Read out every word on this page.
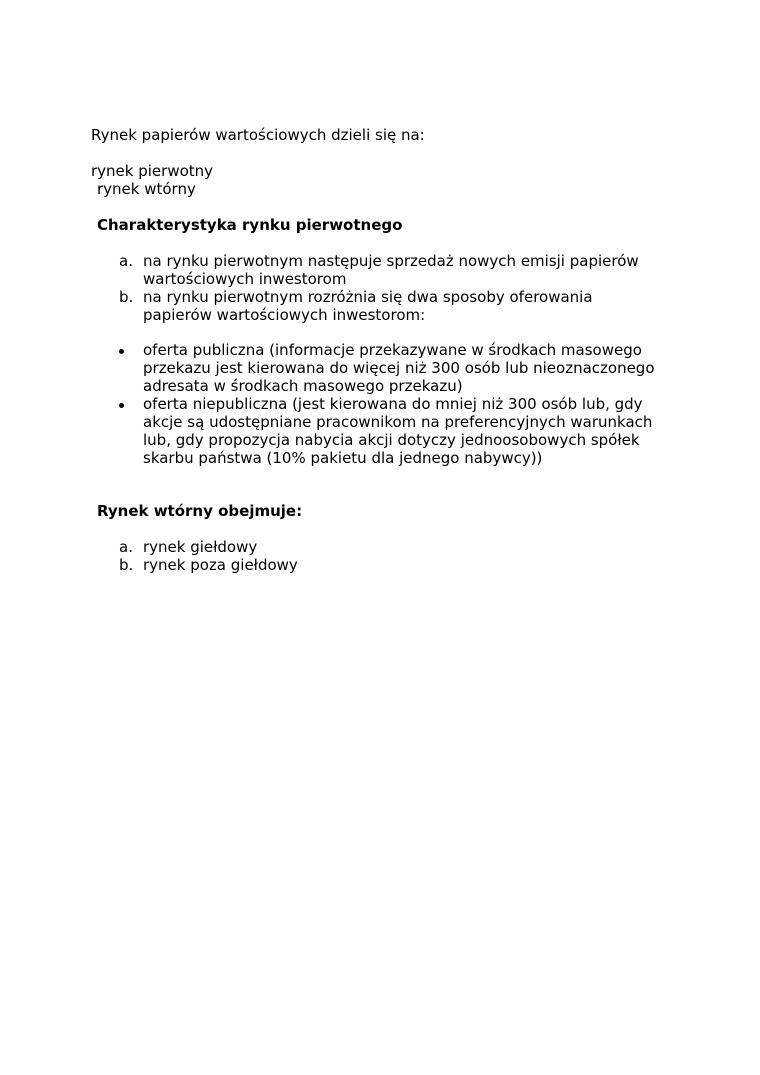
Rynek papierów wartościowych dzieli się na:

rynek pierwotny

rynek wtórny

Charakterystyka rynku pierwotnego

a. na rynku pierwotnym następuje sprzedaż nowych emisji papierów wartościowych inwestorom
b. na rynku pierwotnym rozróżnia się dwa sposoby oferowania papierów wartościowych inwestorom:
oferta publiczna (informacje przekazywane w środkach masowego przekazu jest kierowana do więcej niż 300 osób lub nieoznaczonego adresata w środkach masowego przekazu)
oferta niepubliczna (jest kierowana do mniej niż 300 osób lub, gdy akcje są udostępniane pracownikom na preferencyjnych warunkach lub, gdy propozycja nabycia akcji dotyczy jednoosobowych spółek skarbu państwa (10% pakietu dla jednego nabywcy))

Rynek wtórny obejmuje:

a. rynek giełdowy
b. rynek poza giełdowy
